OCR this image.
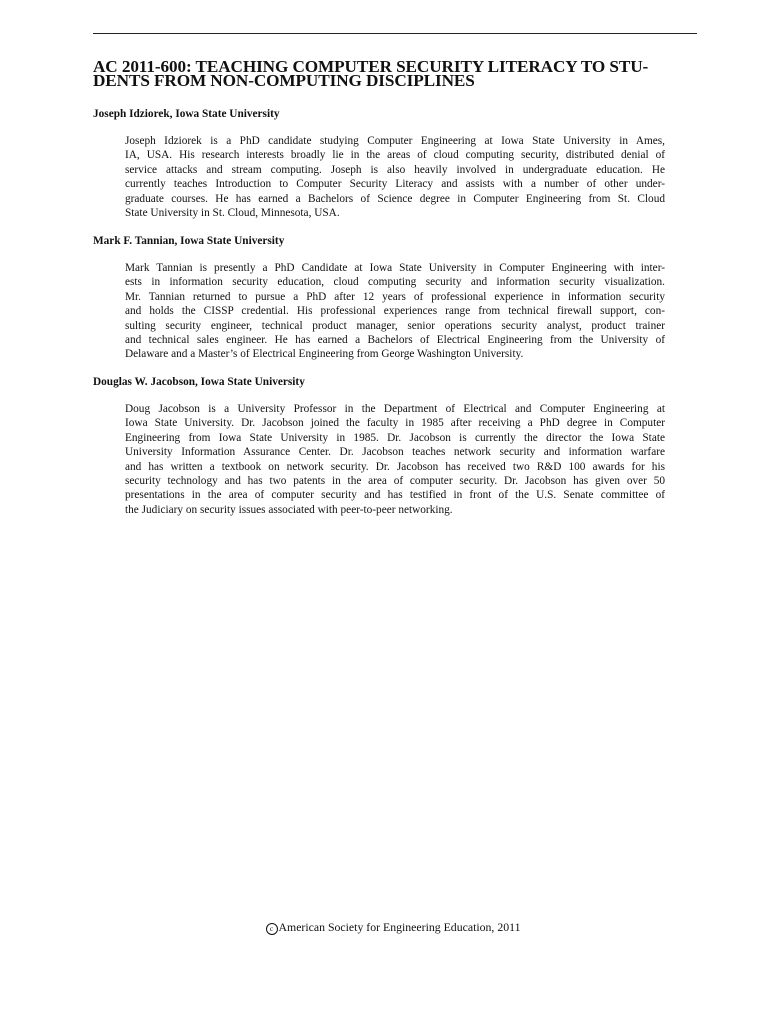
AC 2011-600: TEACHING COMPUTER SECURITY LITERACY TO STU-
DENTS FROM NON-COMPUTING DISCIPLINES
Joseph Idziorek, Iowa State University
Joseph Idziorek is a PhD candidate studying Computer Engineering at Iowa State University in Ames,
IA, USA. His research interests broadly lie in the areas of cloud computing security, distributed denial of
service attacks and stream computing. Joseph is also heavily involved in undergraduate education. He
currently teaches Introduction to Computer Security Literacy and assists with a number of other under-
graduate courses. He has earned a Bachelors of Science degree in Computer Engineering from St. Cloud
State University in St. Cloud, Minnesota, USA.
Mark F. Tannian, Iowa State University
Mark Tannian is presently a PhD Candidate at Iowa State University in Computer Engineering with inter-
ests in information security education, cloud computing security and information security visualization.
Mr. Tannian returned to pursue a PhD after 12 years of professional experience in information security
and holds the CISSP credential. His professional experiences range from technical firewall support, con-
sulting security engineer, technical product manager, senior operations security analyst, product trainer
and technical sales engineer. He has earned a Bachelors of Electrical Engineering from the University of
Delaware and a Master’s of Electrical Engineering from George Washington University.
Douglas W. Jacobson, Iowa State University
Doug Jacobson is a University Professor in the Department of Electrical and Computer Engineering at
Iowa State University. Dr. Jacobson joined the faculty in 1985 after receiving a PhD degree in Computer
Engineering from Iowa State University in 1985. Dr. Jacobson is currently the director the Iowa State
University Information Assurance Center. Dr. Jacobson teaches network security and information warfare
and has written a textbook on network security. Dr. Jacobson has received two R&D 100 awards for his
security technology and has two patents in the area of computer security. Dr. Jacobson has given over 50
presentations in the area of computer security and has testified in front of the U.S. Senate committee of
the Judiciary on security issues associated with peer-to-peer networking.
c American Society for Engineering Education, 2011
